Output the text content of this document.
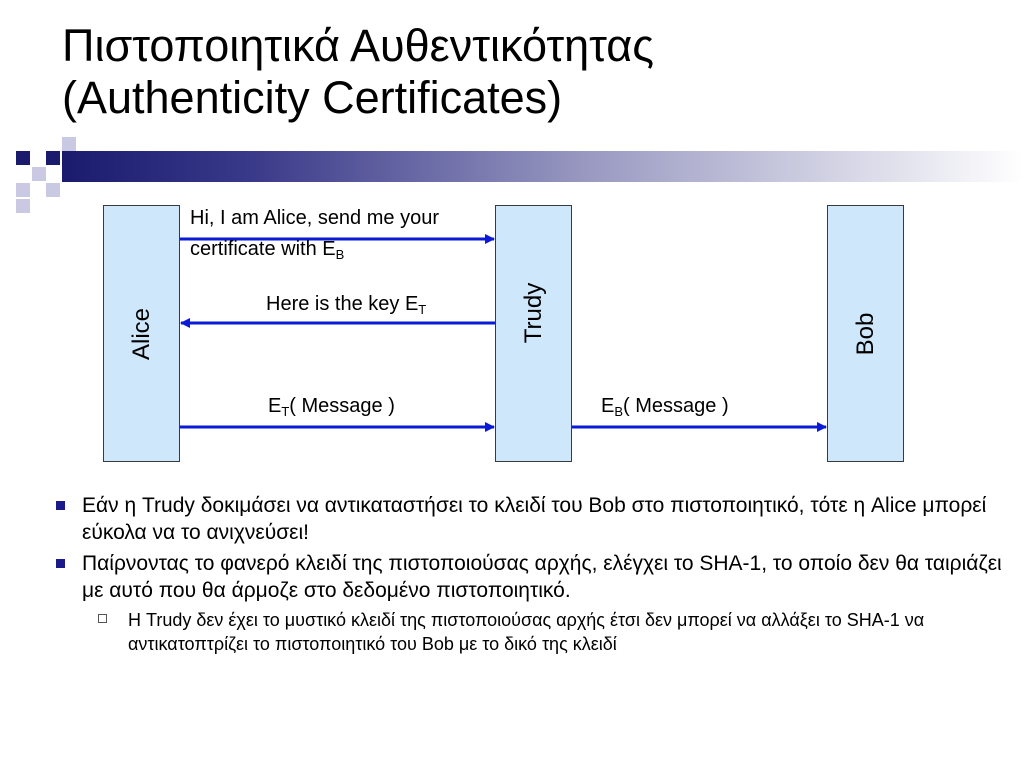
Πιστοποιητικά Αυθεντικότητας
(Authenticity Certificates)
Alice	Trudy	Bob
Hi, I am Alice, send me your
certificate with $E_B$
Here is the key $E_T$
$E_T$( Message )	$E_B$( Message )
Εάν η Trudy δοκιμάσει να αντικαταστήσει το κλειδί του Bob στο πιστοποιητικό, τότε η Alice μπορεί εύκολα να το ανιχνεύσει!
Παίρνοντας το φανερό κλειδί της πιστοποιούσας αρχής, ελέγχει το SHA-1, το οποίο δεν θα ταιριάζει με αυτό που θα άρμοζε στο δεδομένο πιστοποιητικό.
Η Trudy δεν έχει το μυστικό κλειδί της πιστοποιούσας αρχής έτσι δεν μπορεί να αλλάξει το SHA-1 να αντικατοπτρίζει το πιστοποιητικό του Bob με το δικό της κλειδί
